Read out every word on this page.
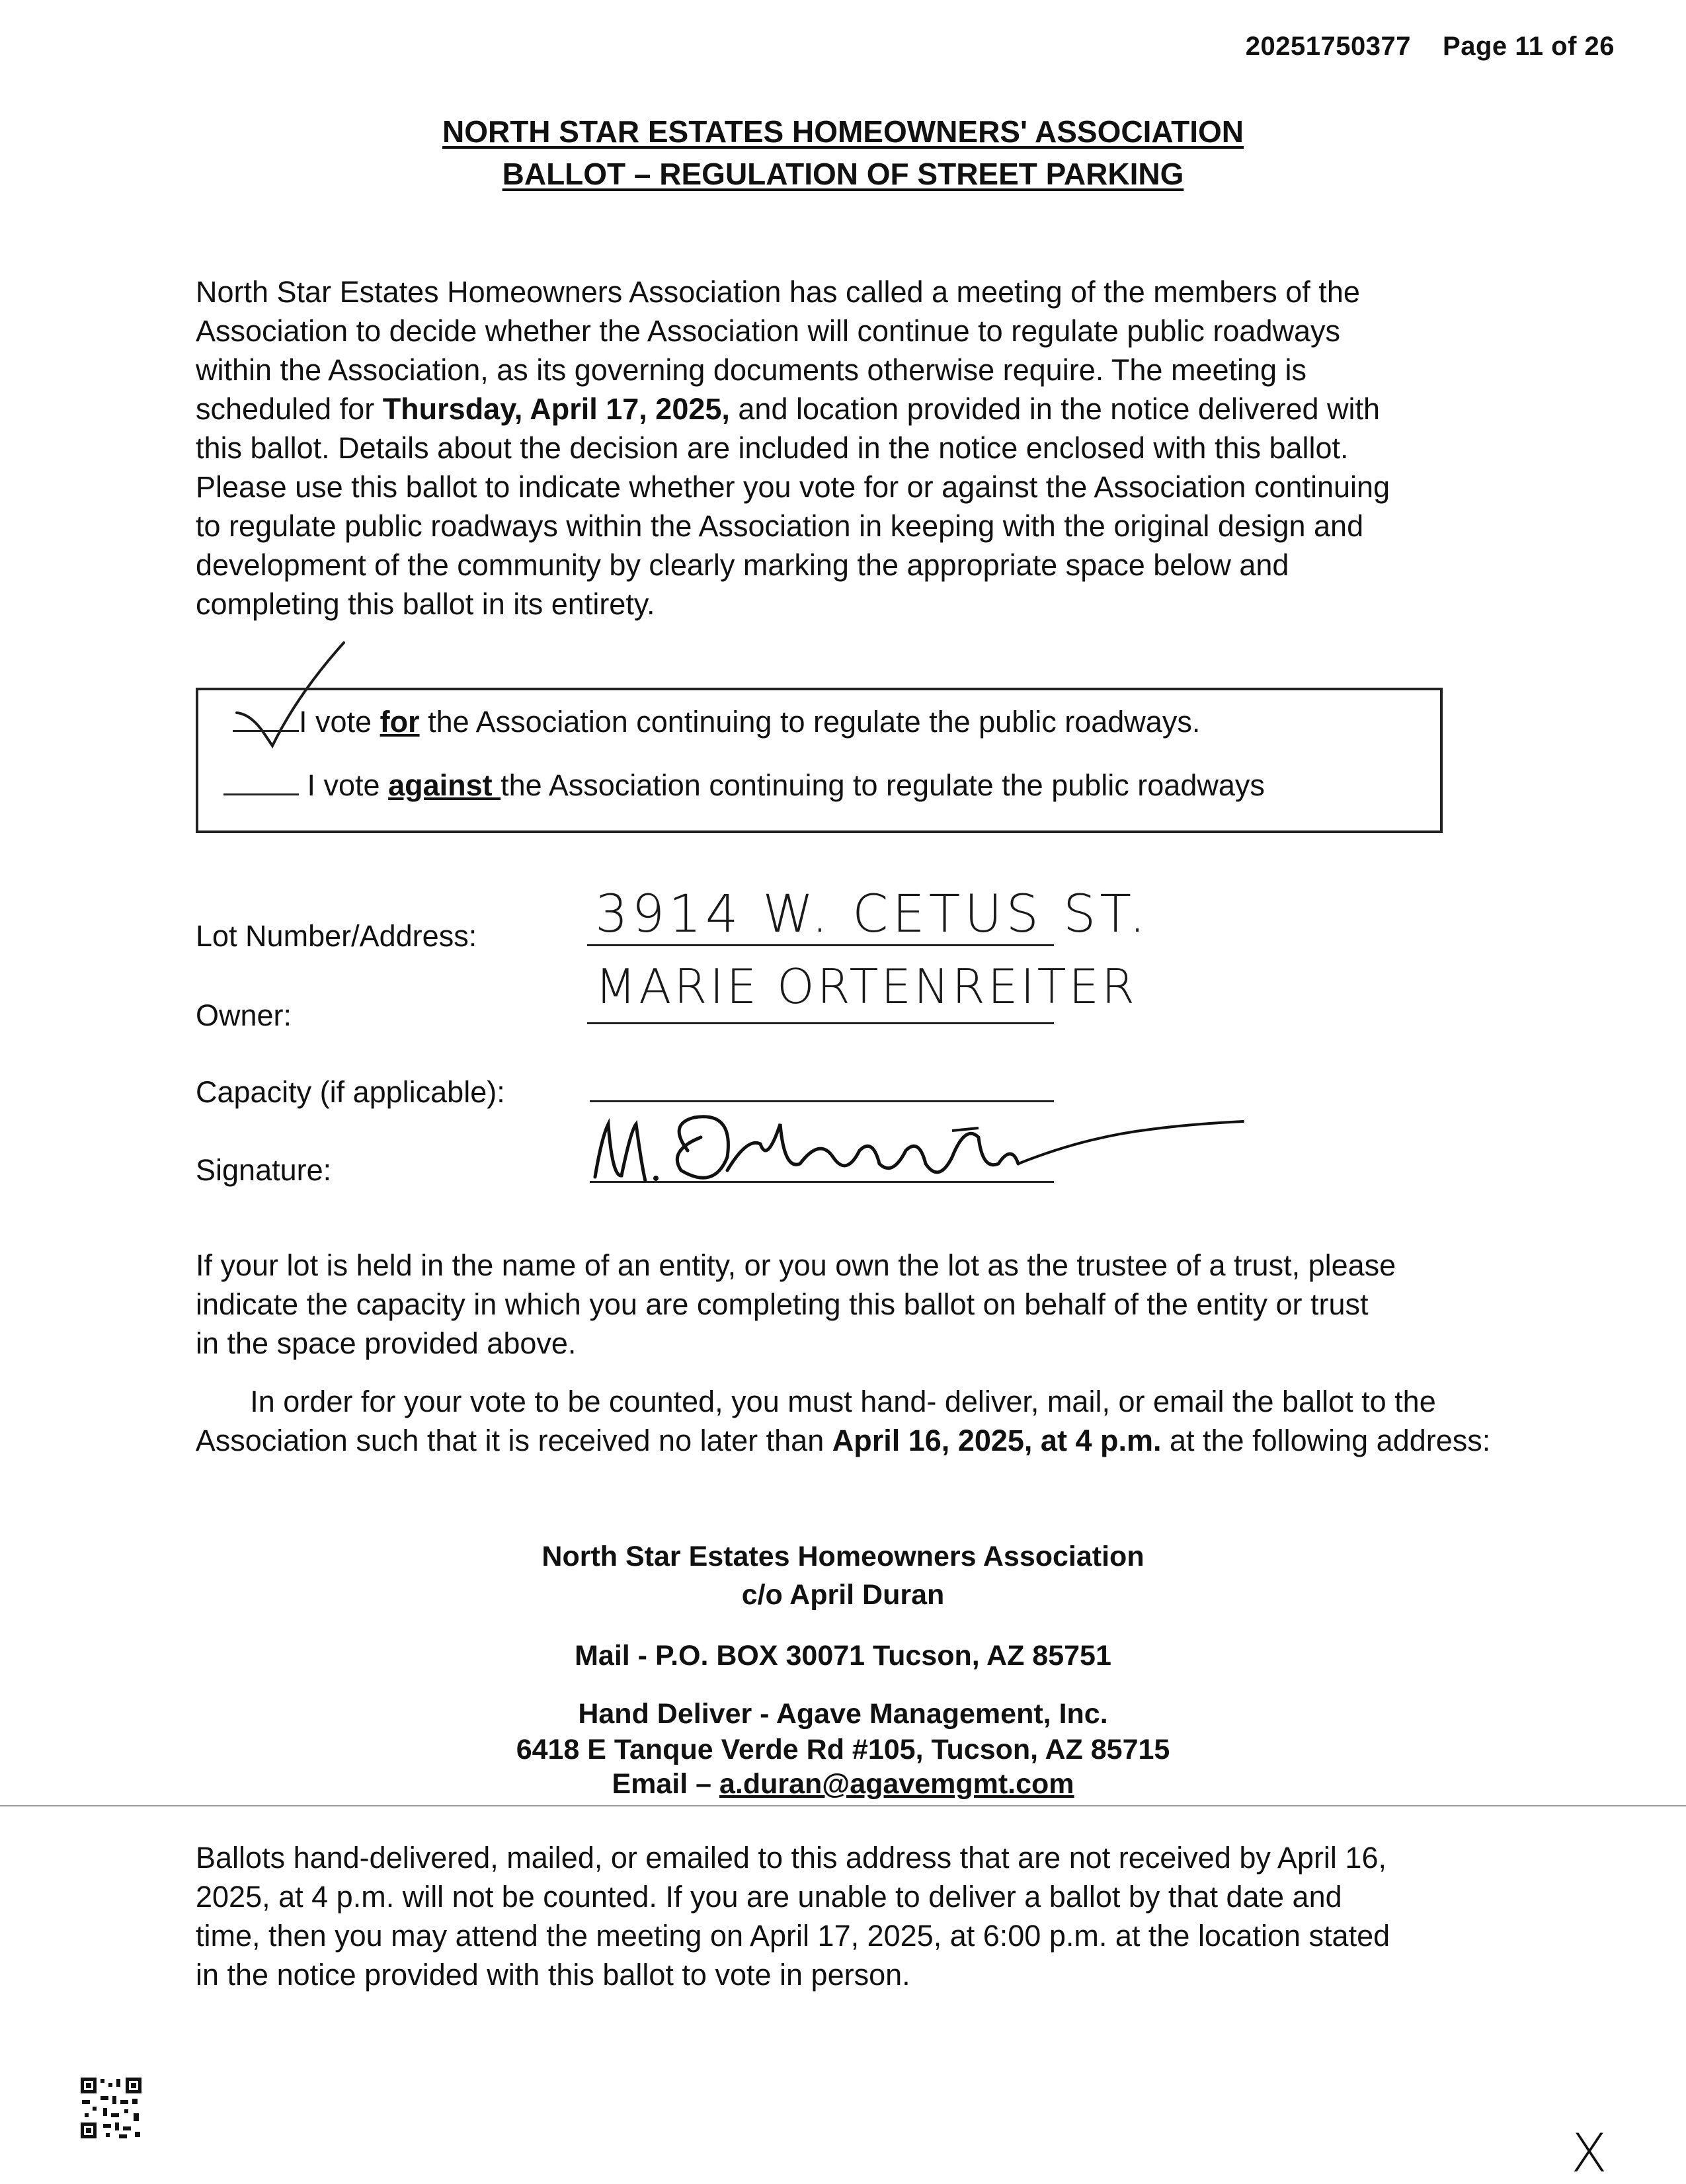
20251750377 Page 11 of 26
NORTH STAR ESTATES HOMEOWNERS' ASSOCIATION
BALLOT – REGULATION OF STREET PARKING
North Star Estates Homeowners Association has called a meeting of the members of the
Association to decide whether the Association will continue to regulate public roadways
within the Association, as its governing documents otherwise require. The meeting is
scheduled for Thursday, April 17, 2025, and location provided in the notice delivered with
this ballot. Details about the decision are included in the notice enclosed with this ballot.
Please use this ballot to indicate whether you vote for or against the Association continuing
to regulate public roadways within the Association in keeping with the original design and
development of the community by clearly marking the appropriate space below and
completing this ballot in its entirety.
I vote for the Association continuing to regulate the public roadways.
I vote against the Association continuing to regulate the public roadways
Lot Number/Address: 3914 W. CETUS ST.
Owner:
MARIE ORTENREITER
Capacity (if applicable):
Signature:
If your lot is held in the name of an entity, or you own the lot as the trustee of a trust, please
indicate the capacity in which you are completing this ballot on behalf of the entity or trust
in the space provided above.
In order for your vote to be counted, you must hand- deliver, mail, or email the ballot to the Association such that it is received no later than April 16, 2025, at 4 p.m. at the following address:
North Star Estates Homeowners Association
c/o April Duran
Mail - P.O. BOX 30071 Tucson, AZ 85751
Hand Deliver - Agave Management, Inc.
6418 E Tanque Verde Rd #105, Tucson, AZ 85715
Email – a.duran@agavemgmt.com
Ballots hand-delivered, mailed, or emailed to this address that are not received by April 16,
2025, at 4 p.m. will not be counted. If you are unable to deliver a ballot by that date and
time, then you may attend the meeting on April 17, 2025, at 6:00 p.m. at the location stated
in the notice provided with this ballot to vote in person.
X
